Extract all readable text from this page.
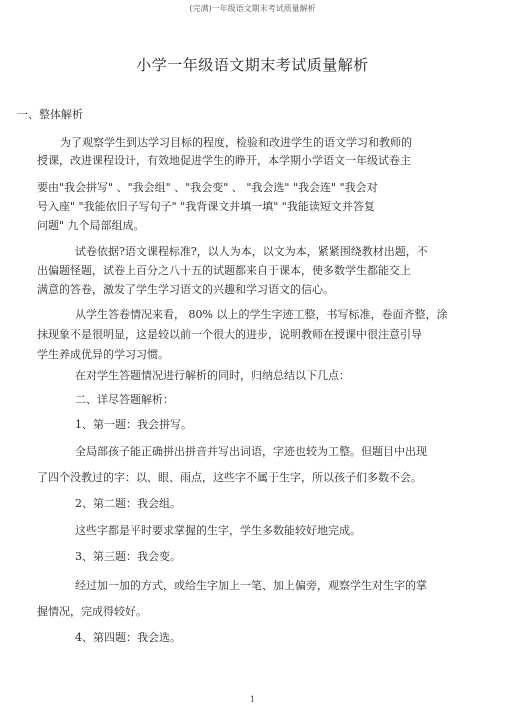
(完满)一年级语文期末考试质量解析
小学一年级语文期末考试质量解析
一、整体解析
为了观察学生到达学习目标的程度，检验和改进学生的语文学习和教师的
授课，改进课程设计，有效地促进学生的睁开，本学期小学语文一年级试卷主
要由"我会拼写" 、"我会组" 、"我会变" 、 "我会选" "我会连" "我会对
号入座" "我能依旧子写句子" "我背课文并填一填" "我能读短文并答复
问题" 九个局部组成。
试卷依据?语文课程标准?，以人为本，以文为本，紧紧围绕教材出题，不
出偏题怪题，试卷上百分之八十五的试题都来自于课本，使多数学生都能交上
满意的答卷，激发了学生学习语文的兴趣和学习语文的信心。
从学生答卷情况来看， 80% 以上的学生字迹工整，书写标准，卷面齐整，涂
抹现象不是很明显，这是较以前一个很大的进步，说明教师在授课中很注意引导
学生养成优异的学习习惯。
在对学生答题情况进行解析的同时，归纳总结以下几点：
二、详尽答题解析：
1、第一题：我会拼写。
全局部孩子能正确拼出拼音并写出词语，字迹也较为工整。但题目中出现
了四个没教过的字：以、眼、雨点，这些字不属于生字，所以孩子们多数不会。
2、第二题：我会组。
这些字都是平时要求掌握的生字，学生多数能较好地完成。
3、第三题：我会变。
经过加一加的方式，或给生字加上一笔、加上偏旁，观察学生对生字的掌
握情况，完成得较好。
4、第四题：我会选。
1
